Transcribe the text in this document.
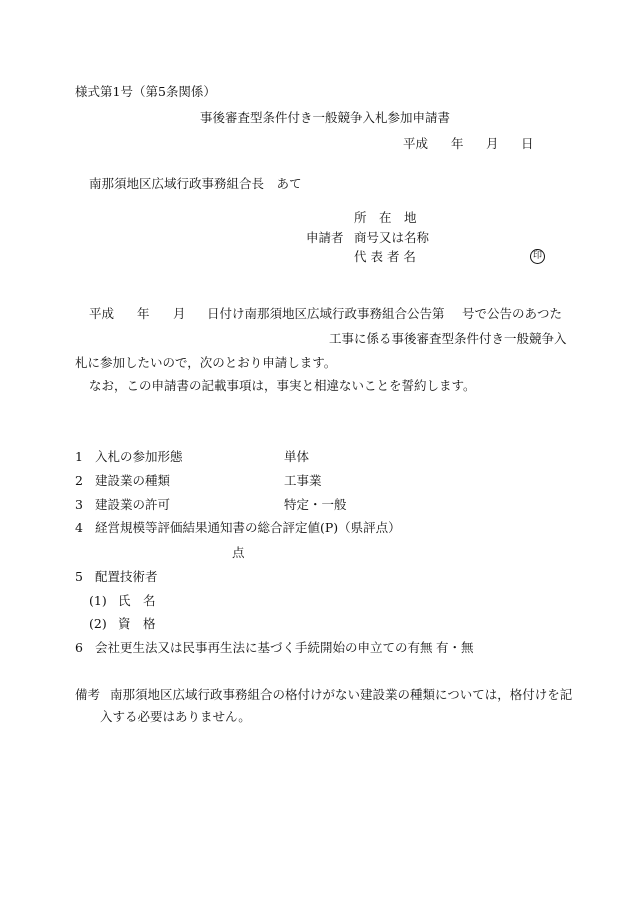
様式第1号（第5条関係）
事後審査型条件付き一般競争入札参加申請書
平成 年 月 日
南那須地区広域行政事務組合長　あて
所　在　地
申請者 商号又は名称
代 表 者 名	印
平成 年 月 日付け南那須地区広域行政事務組合公告第 号で公告のあつた
工事に係る事後審査型条件付き一般競争入
札に参加したいので，次のとおり申請します。
なお，この申請書の記載事項は，事実と相違ないことを誓約します。
1 入札の参加形態	単体
2 建設業の種類	工事業
3 建設業の許可	特定・一般
4 経営規模等評価結果通知書の総合評定値(P)（県評点）
点
5 配置技術者
(1) 氏　名
(2) 資　格
6 会社更生法又は民事再生法に基づく手続開始の申立ての有無 有・無
備考 南那須地区広域行政事務組合の格付けがない建設業の種類については，格付けを記
入する必要はありません。
